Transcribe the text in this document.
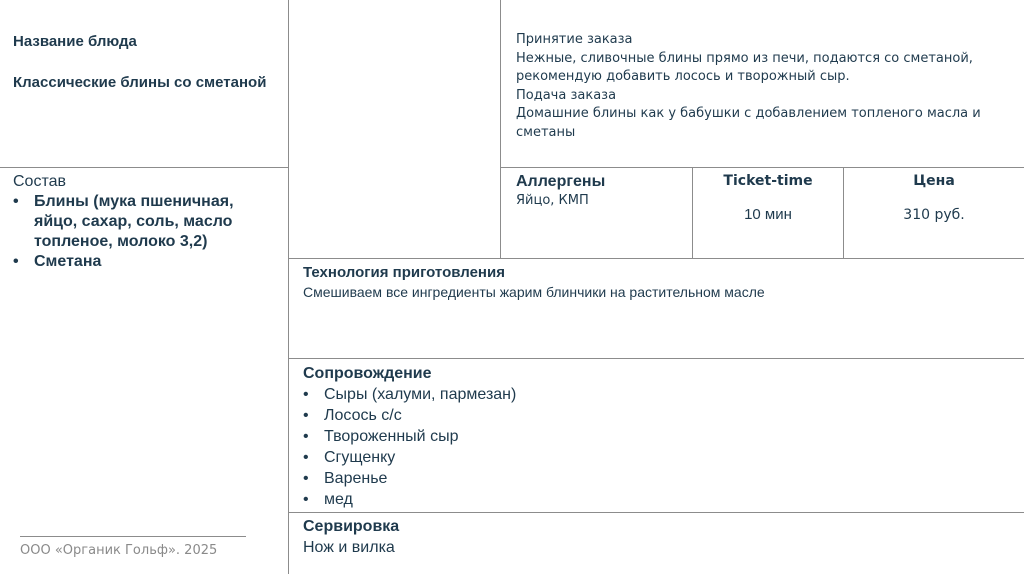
Название блюда
Классические блины со сметаной
Принятие заказа
Нежные, сливочные блины прямо из печи, подаются со сметаной, рекомендую добавить лосось и творожный сыр.
Подача заказа
Домашние блины как у бабушки с добавлением топленого масла и сметаны
Состав
• Блины (мука пшеничная, яйцо, сахар, соль, масло топленое, молоко 3,2)
• Сметана
Аллергены
Яйцо, КМП
Ticket-time
10 мин
Цена
310 руб.
Технология приготовления
Смешиваем все ингредиенты жарим блинчики на растительном масле
Сопровождение
• Сыры (халуми, пармезан)
• Лосось с/с
• Твороженный сыр
• Сгущенку
• Варенье
• мед
Сервировка
Нож и вилка
ООО «Органик Гольф». 2025
